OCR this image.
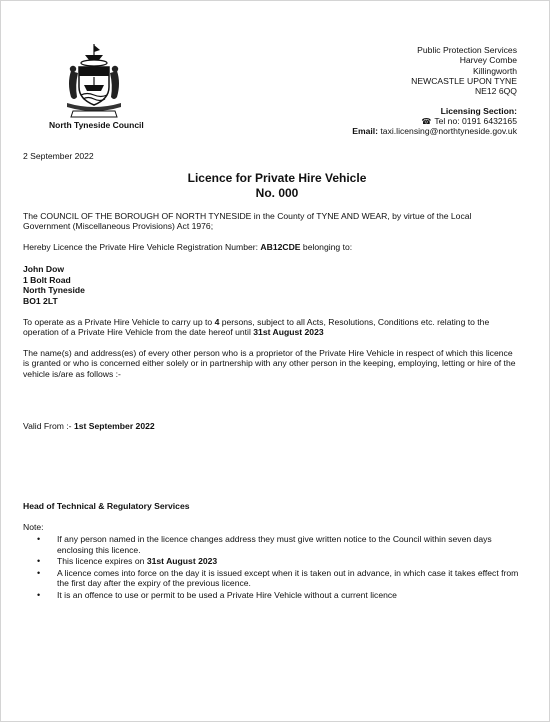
North Tyneside Council
Public Protection Services
Harvey Combe
Killingworth
NEWCASTLE UPON TYNE
NE12 6QQ
Licensing Section:
☎ Tel no: 0191 6432165
Email: taxi.licensing@northtyneside.gov.uk
2 September 2022
Licence for Private Hire Vehicle
No. 000
The COUNCIL OF THE BOROUGH OF NORTH TYNESIDE in the County of TYNE AND WEAR, by virtue of the Local Government (Miscellaneous Provisions) Act 1976;
Hereby Licence the Private Hire Vehicle Registration Number: AB12CDE belonging to:
John Dow
1 Bolt Road
North Tyneside
BO1 2LT
To operate as a Private Hire Vehicle to carry up to 4 persons, subject to all Acts, Resolutions, Conditions etc. relating to the operation of a Private Hire Vehicle from the date hereof until 31st August 2023
The name(s) and address(es) of every other person who is a proprietor of the Private Hire Vehicle in respect of which this licence is granted or who is concerned either solely or in partnership with any other person in the keeping, employing, letting or hire of the vehicle is/are as follows :-
Valid From :- 1st September 2022
Head of Technical & Regulatory Services
Note:
• If any person named in the licence changes address they must give written notice to the Council within seven days enclosing this licence.
• This licence expires on 31st August 2023
• A licence comes into force on the day it is issued except when it is taken out in advance, in which case it takes effect from the first day after the expiry of the previous licence.
• It is an offence to use or permit to be used a Private Hire Vehicle without a current licence
